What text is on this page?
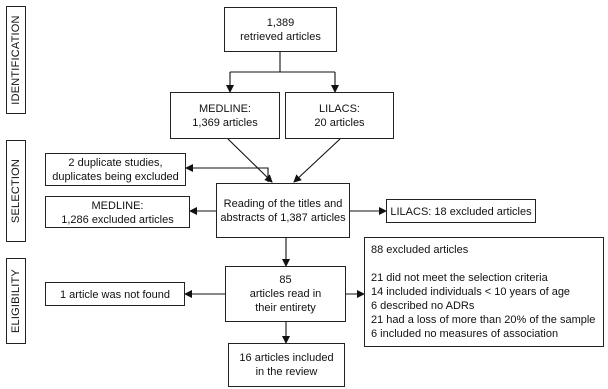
IDENTIFICATION
SELECTION
ELIGIBILITY
1,389
retrieved articles
MEDLINE:
1,369 articles
LILACS:
20 articles
2 duplicate studies,
duplicates being excluded
Reading of the titles and
abstracts of 1,387 articles
MEDLINE:
1,286 excluded articles
LILACS: 18 excluded articles
85
articles read in
their entirety
1 article was not found
88 excluded articles
21 did not meet the selection criteria
14 included individuals < 10 years of age
6 described no ADRs
21 had a loss of more than 20% of the sample
6 included no measures of association
16 articles included
in the review
